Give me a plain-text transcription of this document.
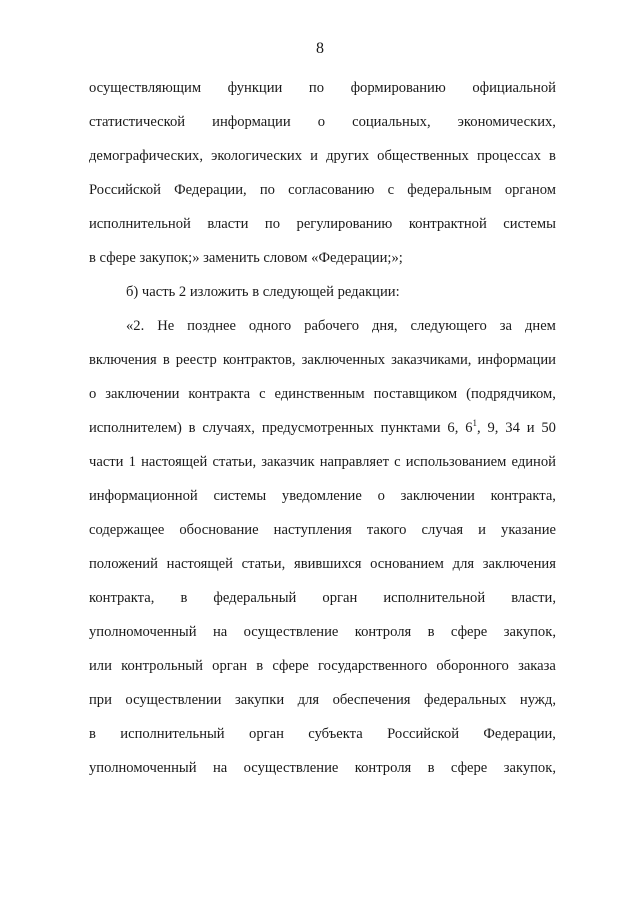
8
осуществляющим функции по формированию официальной
статистической информации о социальных, экономических,
демографических, экологических и других общественных процессах в
Российской Федерации, по согласованию с федеральным органом
исполнительной власти по регулированию контрактной системы
в сфере закупок;» заменить словом «Федерации;»;
б) часть 2 изложить в следующей редакции:
«2. Не позднее одного рабочего дня, следующего за днем
включения в реестр контрактов, заключенных заказчиками, информации
о заключении контракта с единственным поставщиком (подрядчиком,
исполнителем) в случаях, предусмотренных пунктами 6, $6^1$, 9, 34 и 50
части 1 настоящей статьи, заказчик направляет с использованием единой
информационной системы уведомление о заключении контракта,
содержащее обоснование наступления такого случая и указание
положений настоящей статьи, явившихся основанием для заключения
контракта, в федеральный орган исполнительной власти,
уполномоченный на осуществление контроля в сфере закупок,
или контрольный орган в сфере государственного оборонного заказа
при осуществлении закупки для обеспечения федеральных нужд,
в исполнительный орган субъекта Российской Федерации,
уполномоченный на осуществление контроля в сфере закупок,
